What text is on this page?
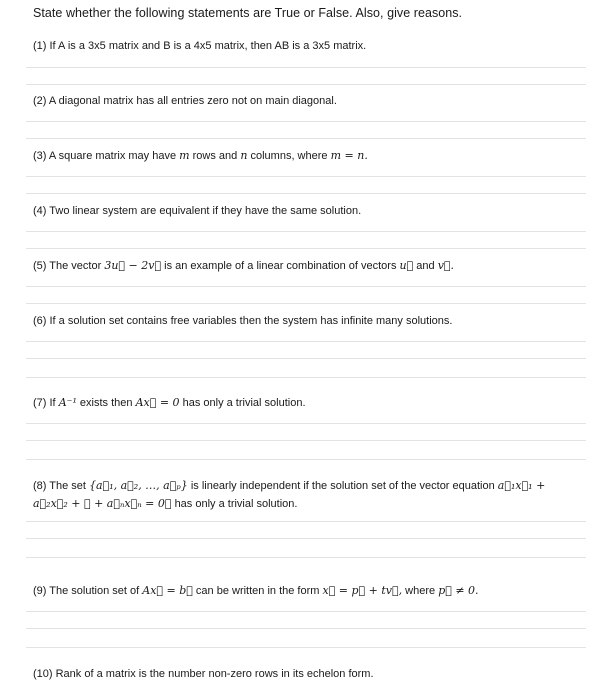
State whether the following statements are True or False. Also, give reasons.
(1) If A is a 3x5 matrix and B is a 4x5 matrix, then AB is a 3x5 matrix.
(2) A diagonal matrix has all entries zero not on main diagonal.
(3) A square matrix may have m rows and n columns, where m = n.
(4) Two linear system are equivalent if they have the same solution.
(5) The vector 3u⃗ − 2v⃗ is an example of a linear combination of vectors u⃗ and v⃗.
(6) If a solution set contains free variables then the system has infinite many solutions.
(7) If A⁻¹ exists then Ax⃗ = 0 has only a trivial solution.
(8) The set {a⃗₁, a⃗₂, …, a⃗ₚ} is linearly independent if the solution set of the vector equation a⃗₁x⃗₁ +
a⃗₂x⃗₂ + ⋯ + a⃗ₙx⃗ₙ = 0⃗ has only a trivial solution.
(9) The solution set of Ax⃗ = b⃗ can be written in the form x⃗ = p⃗ + tv⃗, where p⃗ ≠ 0.
(10) Rank of a matrix is the number non-zero rows in its echelon form.
